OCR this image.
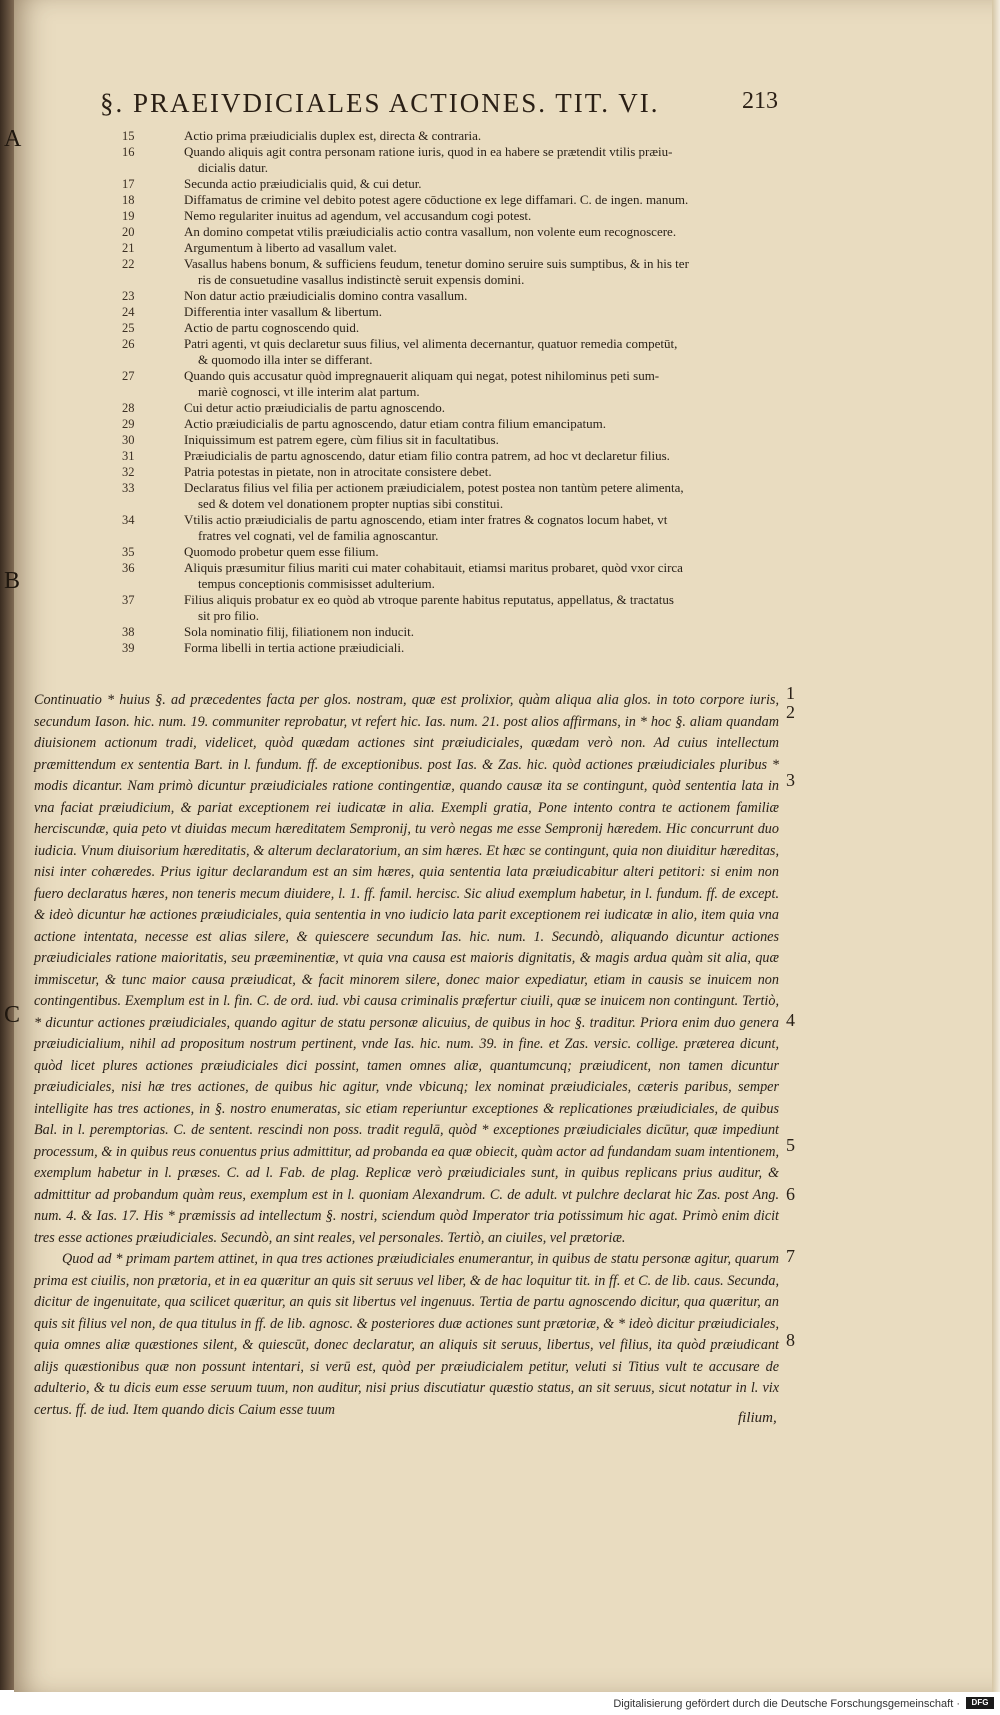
§. PRAEIVDICIALES ACTIONES. TIT. VI.	213
A
B
C
15	Actio prima præiudicialis duplex est, directa & contraria.
16	Quando aliquis agit contra personam ratione iuris, quod in ea habere se prætendit vtilis præiu-
dicialis datur.
17	Secunda actio præiudicialis quid, & cui detur.
18	Diffamatus de crimine vel debito potest agere cōductione ex lege diffamari. C. de ingen. manum.
19	Nemo regulariter inuitus ad agendum, vel accusandum cogi potest.
20	An domino competat vtilis præiudicialis actio contra vasallum, non volente eum recognoscere.
21	Argumentum à liberto ad vasallum valet.
22	Vasallus habens bonum, & sufficiens feudum, tenetur domino seruire suis sumptibus, & in his ter
ris de consuetudine vasallus indistinctè seruit expensis domini.
23	Non datur actio præiudicialis domino contra vasallum.
24	Differentia inter vasallum & libertum.
25	Actio de partu cognoscendo quid.
26	Patri agenti, vt quis declaretur suus filius, vel alimenta decernantur, quatuor remedia competūt,
& quomodo illa inter se differant.
27	Quando quis accusatur quòd impregnauerit aliquam qui negat, potest nihilominus peti sum-
mariè cognosci, vt ille interim alat partum.
28	Cui detur actio præiudicialis de partu agnoscendo.
29	Actio præiudicialis de partu agnoscendo, datur etiam contra filium emancipatum.
30	Iniquissimum est patrem egere, cùm filius sit in facultatibus.
31	Præiudicialis de partu agnoscendo, datur etiam filio contra patrem, ad hoc vt declaretur filius.
32	Patria potestas in pietate, non in atrocitate consistere debet.
33	Declaratus filius vel filia per actionem præiudicialem, potest postea non tantùm petere alimenta,
sed & dotem vel donationem propter nuptias sibi constitui.
34	Vtilis actio præiudicialis de partu agnoscendo, etiam inter fratres & cognatos locum habet, vt
fratres vel cognati, vel de familia agnoscantur.
35	Quomodo probetur quem esse filium.
36	Aliquis præsumitur filius mariti cui mater cohabitauit, etiamsi maritus probaret, quòd vxor circa
tempus conceptionis commisisset adulterium.
37	Filius aliquis probatur ex eo quòd ab vtroque parente habitus reputatus, appellatus, & tractatus
sit pro filio.
38	Sola nominatio filij, filiationem non inducit.
39	Forma libelli in tertia actione præiudiciali.

Continuatio * huius §. ad præcedentes facta per glos. nostram, quæ est prolixior, quàm aliqua alia glos. in toto corpore iuris, secundum Iason. hic. num. 19. communiter reprobatur, vt refert hic. Ias. num. 21. post alios affirmans, in * hoc §. aliam quandam diuisionem actionum tradi, videlicet, quòd quædam actiones sint præiudiciales, quædam verò non. Ad cuius intellectum præmittendum ex sententia Bart. in l. fundum. ff. de exceptionibus. post Ias. & Zas. hic. quòd actiones præiudiciales pluribus * modis dicantur. Nam primò dicuntur præiudiciales ratione contingentiæ, quando causæ ita se contingunt, quòd sententia lata in vna faciat præiudicium, & pariat exceptionem rei iudicatæ in alia. Exempli gratia, Pone intento contra te actionem familiæ herciscundæ, quia peto vt diuidas mecum hæreditatem Sempronij, tu verò negas me esse Sempronij hæredem. Hic concurrunt duo iudicia. Vnum diuisorium hæreditatis, & alterum declaratorium, an sim hæres. Et hæc se contingunt, quia non diuiditur hæreditas, nisi inter cohæredes. Prius igitur declarandum est an sim hæres, quia sententia lata præiudicabitur alteri petitori: si enim non fuero declaratus hæres, non teneris mecum diuidere, l. 1. ff. famil. hercisc. Sic aliud exemplum habetur, in l. fundum. ff. de except. & ideò dicuntur hæ actiones præiudiciales, quia sententia in vno iudicio lata parit exceptionem rei iudicatæ in alio, item quia vna actione intentata, necesse est alias silere, & quiescere secundum Ias. hic. num. 1. Secundò, aliquando dicuntur actiones præiudiciales ratione maioritatis, seu præeminentiæ, vt quia vna causa est maioris dignitatis, & magis ardua quàm sit alia, quæ immiscetur, & tunc maior causa præiudicat, & facit minorem silere, donec maior expediatur, etiam in causis se inuicem non contingentibus. Exemplum est in l. fin. C. de ord. iud. vbi causa criminalis præfertur ciuili, quæ se inuicem non contingunt. Tertiò, * dicuntur actiones præiudiciales, quando agitur de statu personæ alicuius, de quibus in hoc §. traditur. Priora enim duo genera præiudicialium, nihil ad propositum nostrum pertinent, vnde Ias. hic. num. 39. in fine. et Zas. versic. collige. præterea dicunt, quòd licet plures actiones præiudiciales dici possint, tamen omnes aliæ, quantumcunq; præiudicent, non tamen dicuntur præiudiciales, nisi hæ tres actiones, de quibus hic agitur, vnde vbicunq; lex nominat præiudiciales, cæteris paribus, semper intelligite has tres actiones, in §. nostro enumeratas, sic etiam reperiuntur exceptiones & replicationes præiudiciales, de quibus Bal. in l. peremptorias. C. de sentent. rescindi non poss. tradit regulā, quòd * exceptiones præiudiciales dicūtur, quæ impediunt processum, & in quibus reus conuentus prius admittitur, ad probanda ea quæ obiecit, quàm actor ad fundandam suam intentionem, exemplum habetur in l. præses. C. ad l. Fab. de plag. Replicæ verò præiudiciales sunt, in quibus replicans prius auditur, & admittitur ad probandum quàm reus, exemplum est in l. quoniam Alexandrum. C. de adult. vt pulchre declarat hic Zas. post Ang. num. 4. & Ias. 17. His * præmissis ad intellectum §. nostri, sciendum quòd Imperator tria potissimum hic agat. Primò enim dicit tres esse actiones præiudiciales. Secundò, an sint reales, vel personales. Tertiò, an ciuiles, vel prætoriæ.

Quod ad * primam partem attinet, in qua tres actiones præiudiciales enumerantur, in quibus de statu personæ agitur, quarum prima est ciuilis, non prætoria, et in ea quæritur an quis sit seruus vel liber, & de hac loquitur tit. in ff. et C. de lib. caus. Secunda, dicitur de ingenuitate, qua scilicet quæritur, an quis sit libertus vel ingenuus. Tertia de partu agnoscendo dicitur, qua quæritur, an quis sit filius vel non, de qua titulus in ff. de lib. agnosc. & posteriores duæ actiones sunt prætoriæ, & * ideò dicitur præiudiciales, quia omnes aliæ quæstiones silent, & quiescūt, donec declaratur, an aliquis sit seruus, libertus, vel filius, ita quòd præiudicant alijs quæstionibus quæ non possunt intentari, si verū est, quòd per præiudicialem petitur, veluti si Titius vult te accusare de adulterio, & tu dicis eum esse seruum tuum, non auditur, nisi prius discutiatur quæstio status, an sit seruus, sicut notatur in l. vix certus. ff. de iud. Item quando dicis Caium esse tuum

1
2
3
4
5
6
7
8
filium,
Digitalisierung gefördert durch die Deutsche Forschungsgemeinschaft ·	DFG
